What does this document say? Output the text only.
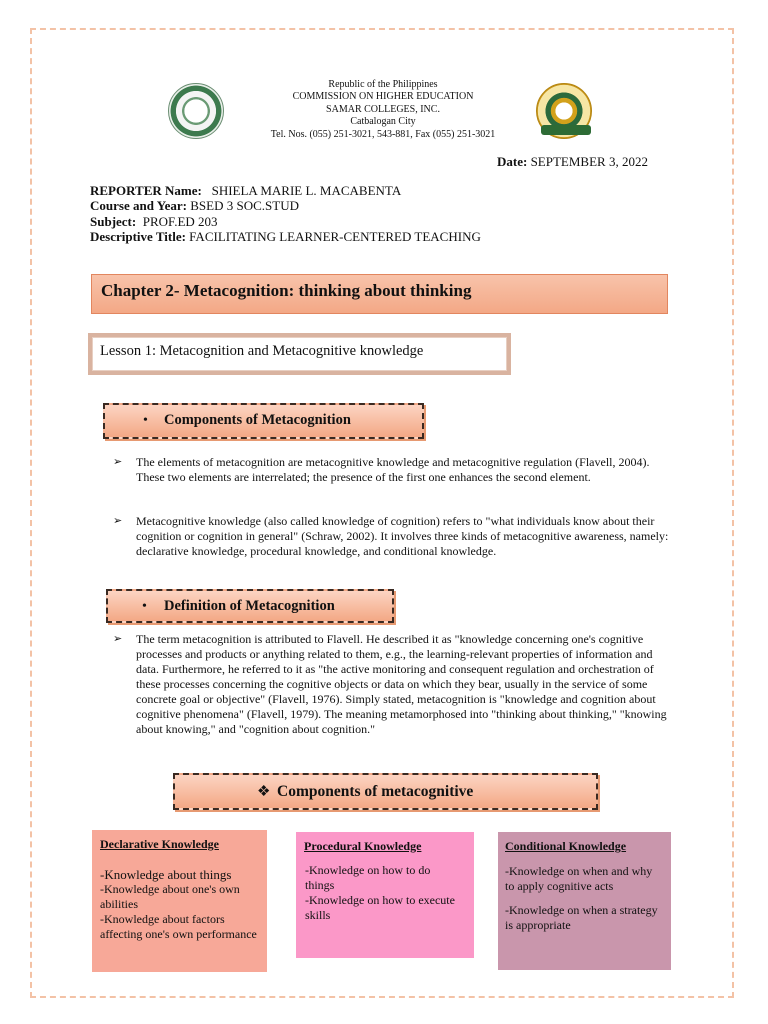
Republic of the Philippines
COMMISSION ON HIGHER EDUCATION
SAMAR COLLEGES, INC.
Catbalogan City
Tel. Nos. (055) 251-3021, 543-881, Fax (055) 251-3021
Date: SEPTEMBER 3, 2022
REPORTER Name: SHIELA MARIE L. MACABENTA
Course and Year: BSED 3 SOC.STUD
Subject: PROF.ED 203
Descriptive Title: FACILITATING LEARNER-CENTERED TEACHING
Chapter 2- Metacognition: thinking about thinking
Lesson 1: Metacognition and Metacognitive knowledge
• Components of Metacognition
➢ The elements of metacognition are metacognitive knowledge and metacognitive regulation (Flavell, 2004). These two elements are interrelated; the presence of the first one enhances the second element.
➢ Metacognitive knowledge (also called knowledge of cognition) refers to "what individuals know about their cognition or cognition in general" (Schraw, 2002). It involves three kinds of metacognitive awareness, namely: declarative knowledge, procedural knowledge, and conditional knowledge.
• Definition of Metacognition
➢ The term metacognition is attributed to Flavell. He described it as "knowledge concerning one's cognitive processes and products or anything related to them, e.g., the learning-relevant properties of information and data. Furthermore, he referred to it as "the active monitoring and consequent regulation and orchestration of these processes concerning the cognitive objects or data on which they bear, usually in the service of some concrete goal or objective" (Flavell, 1976). Simply stated, metacognition is "knowledge and cognition about cognitive phenomena" (Flavell, 1979). The meaning metamorphosed into "thinking about thinking," "knowing about knowing," and "cognition about cognition."
❖ Components of metacognitive
Declarative Knowledge
-Knowledge about things
-Knowledge about one's own abilities
-Knowledge about factors affecting one's own performance
Procedural Knowledge
-Knowledge on how to do things
-Knowledge on how to execute skills
Conditional Knowledge
-Knowledge on when and why to apply cognitive acts
-Knowledge on when a strategy is appropriate
